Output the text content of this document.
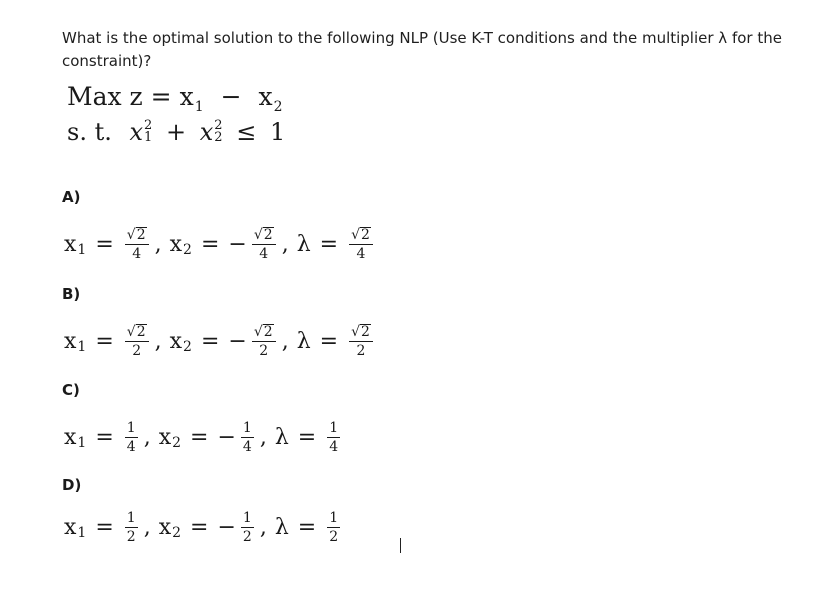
What is the optimal solution to the following NLP (Use K-T conditions and the multiplier λ for the constraint)?
Max $z = x_1 - x_2$
s. t. x 2
1 + x 2
2 ≤ 1
A)
x $1 = \frac{√ 2}{4}$ , x 2 = − $\frac{√ 2}{4}$ , $\lambda = \frac{√ 2}{4}$
B)
x $1 = \frac{√ 2}{2}$ , x 2 = − $\frac{√ 2}{2}$ , $\lambda = \frac{√ 2}{2}$
C)
x $1 = \frac{1}{4}$ , x 2 = − $\frac{1}{4}$ , $\lambda = \frac{1}{4}$
D)
x $1 = \frac{1}{2}$ , x 2 = − $\frac{1}{2}$ , $\lambda = \frac{1}{2}$
